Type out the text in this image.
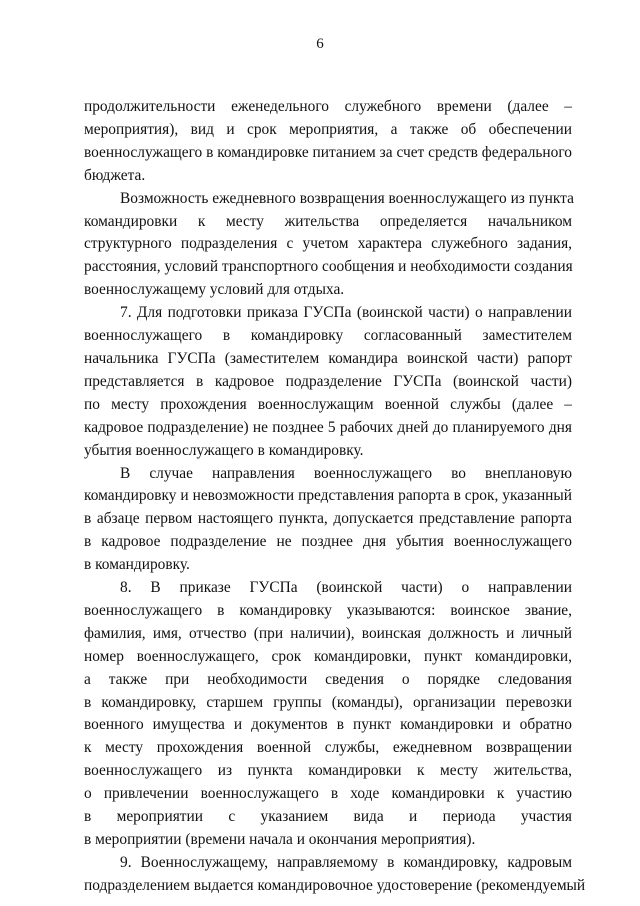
6
продолжительности еженедельного служебного времени (далее –
мероприятия), вид и срок мероприятия, а также об обеспечении
военнослужащего в командировке питанием за счет средств федерального
бюджета.
Возможность ежедневного возвращения военнослужащего из пункта
командировки к месту жительства определяется начальником
структурного подразделения с учетом характера служебного задания,
расстояния, условий транспортного сообщения и необходимости создания
военнослужащему условий для отдыха.
7. Для подготовки приказа ГУСПа (воинской части) о направлении
военнослужащего в командировку согласованный заместителем
начальника ГУСПа (заместителем командира воинской части) рапорт
представляется в кадровое подразделение ГУСПа (воинской части)
по месту прохождения военнослужащим военной службы (далее –
кадровое подразделение) не позднее 5 рабочих дней до планируемого дня
убытия военнослужащего в командировку.
В случае направления военнослужащего во внеплановую
командировку и невозможности представления рапорта в срок, указанный
в абзаце первом настоящего пункта, допускается представление рапорта
в кадровое подразделение не позднее дня убытия военнослужащего
в командировку.
8. В приказе ГУСПа (воинской части) о направлении
военнослужащего в командировку указываются: воинское звание,
фамилия, имя, отчество (при наличии), воинская должность и личный
номер военнослужащего, срок командировки, пункт командировки,
а также при необходимости сведения о порядке следования
в командировку, старшем группы (команды), организации перевозки
военного имущества и документов в пункт командировки и обратно
к месту прохождения военной службы, ежедневном возвращении
военнослужащего из пункта командировки к месту жительства,
о привлечении военнослужащего в ходе командировки к участию
в мероприятии с указанием вида и периода участия
в мероприятии (времени начала и окончания мероприятия).
9. Военнослужащему, направляемому в командировку, кадровым
подразделением выдается командировочное удостоверение (рекомендуемый
